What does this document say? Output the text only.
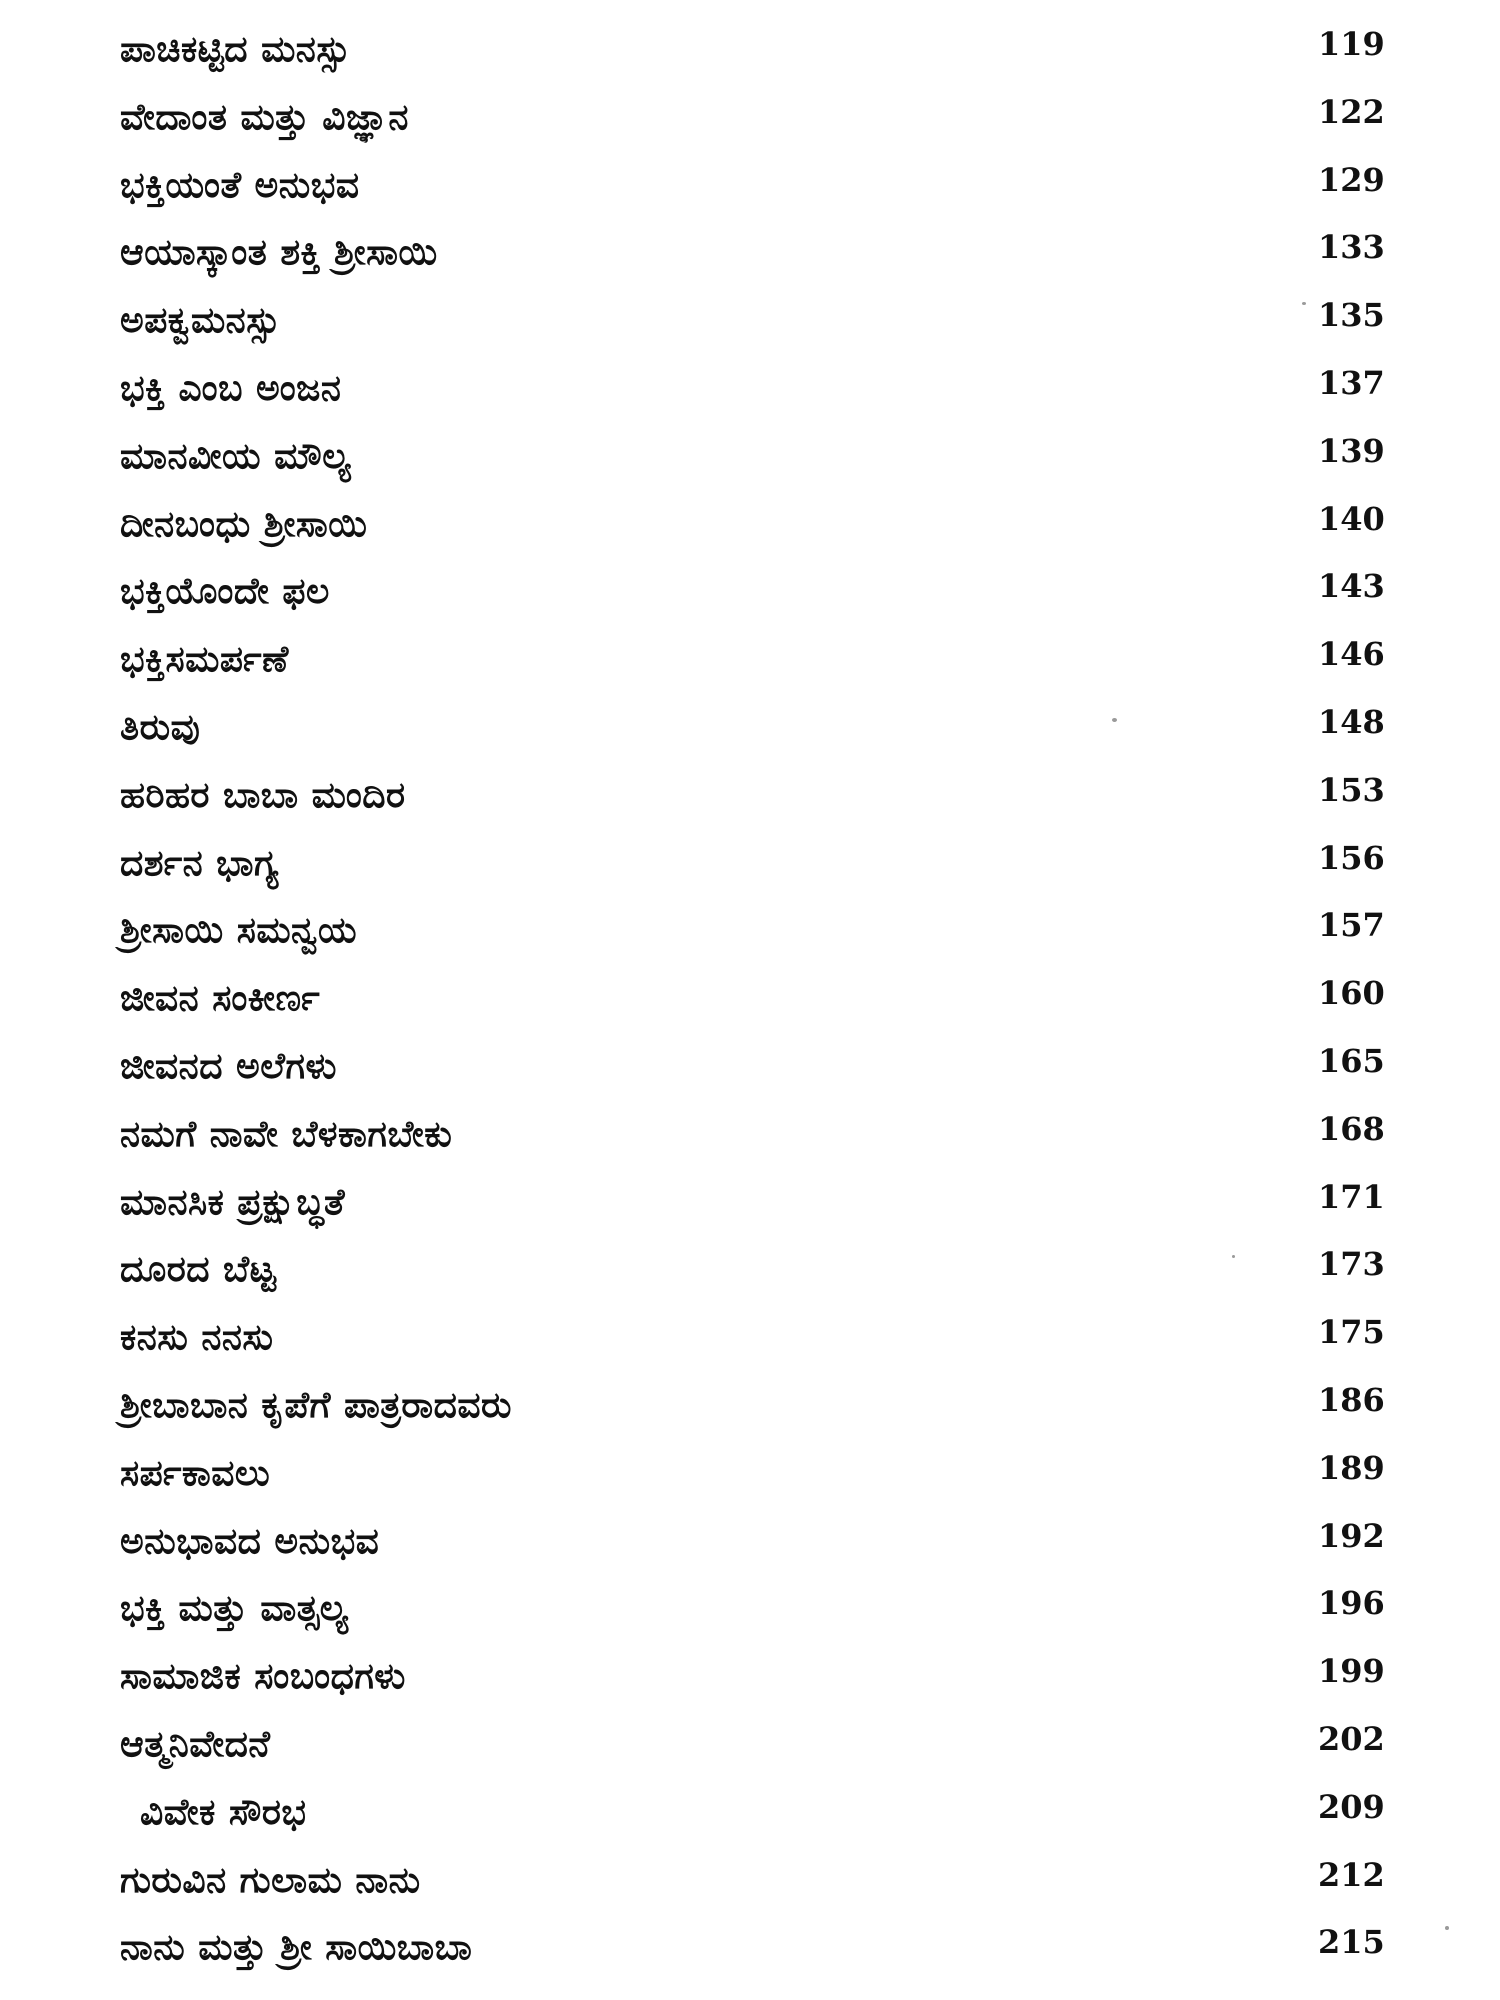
ಪಾಚಿಕಟ್ಟಿದ ಮನಸ್ಸು	119
ವೇದಾಂತ ಮತ್ತು ವಿಜ್ಞಾನ	122
ಭಕ್ತಿಯಂತೆ ಅನುಭವ	129
ಆಯಾಸ್ಕಾಂತ ಶಕ್ತಿ ಶ್ರೀಸಾಯಿ	133
ಅಪಕ್ವಮನಸ್ಸು	135
ಭಕ್ತಿ ಎಂಬ ಅಂಜನ	137
ಮಾನವೀಯ ಮೌಲ್ಯ	139
ದೀನಬಂಧು ಶ್ರೀಸಾಯಿ	140
ಭಕ್ತಿಯೊಂದೇ ಫಲ	143
ಭಕ್ತಿಸಮರ್ಪಣೆ	146
ತಿರುವು	148
ಹರಿಹರ ಬಾಬಾ ಮಂದಿರ	153
ದರ್ಶನ ಭಾಗ್ಯ	156
ಶ್ರೀಸಾಯಿ ಸಮನ್ವಯ	157
ಜೀವನ ಸಂಕೀರ್ಣ	160
ಜೀವನದ ಅಲೆಗಳು	165
ನಮಗೆ ನಾವೇ ಬೆಳಕಾಗಬೇಕು	168
ಮಾನಸಿಕ ಪ್ರಕ್ಷುಬ್ಧತೆ	171
ದೂರದ ಬೆಟ್ಟ	173
ಕನಸು ನನಸು	175
ಶ್ರೀಬಾಬಾನ ಕೃಪೆಗೆ ಪಾತ್ರರಾದವರು	186
ಸರ್ಪಕಾವಲು	189
ಅನುಭಾವದ ಅನುಭವ	192
ಭಕ್ತಿ ಮತ್ತು ವಾತ್ಸಲ್ಯ	196
ಸಾಮಾಜಿಕ ಸಂಬಂಧಗಳು	199
ಆತ್ಮನಿವೇದನೆ	202
ವಿವೇಕ ಸೌರಭ	209
ಗುರುವಿನ ಗುಲಾಮ ನಾನು	212
ನಾನು ಮತ್ತು ಶ್ರೀ ಸಾಯಿಬಾಬಾ	215
